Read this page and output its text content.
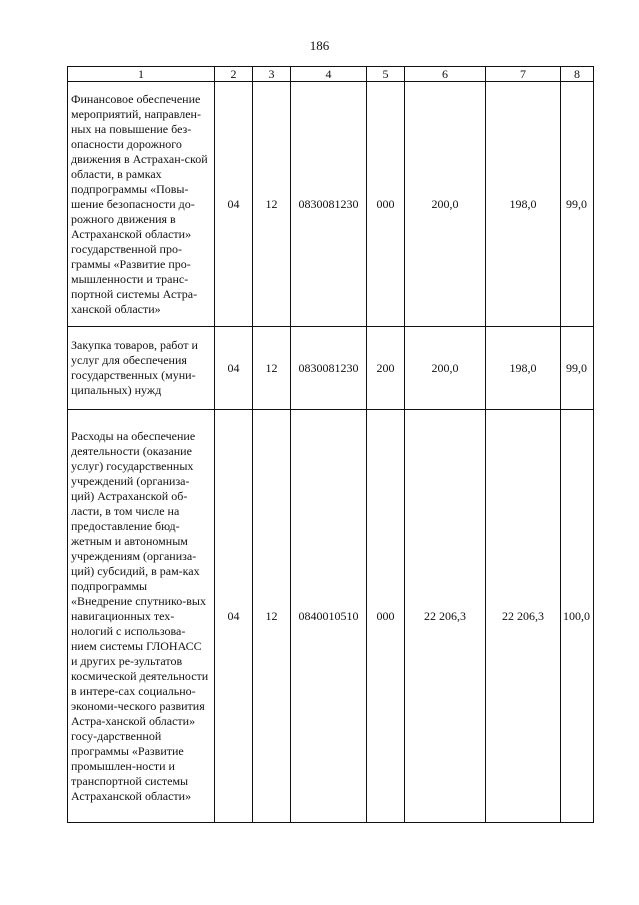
186
1	2	3	4	5	6	7	8
Финансовое обеспечение мероприятий, направлен-ных на повышение без-опасности дорожного движения в Астрахан-ской области, в рамках подпрограммы «Повы-шение безопасности до-рожного движения в Астраханской области» государственной про-граммы «Развитие про-мышленности и транс-портной системы Астра-ханской области»	04	12	0830081230	000	200,0	198,0	99,0
Закупка товаров, работ и услуг для обеспечения государственных (муни-ципальных) нужд	04	12	0830081230	200	200,0	198,0	99,0
Расходы на обеспечение деятельности (оказание услуг) государственных учреждений (организа-ций) Астраханской об-ласти, в том числе на предоставление бюд-жетным и автономным учреждениям (организа-ций) субсидий, в рам-ках подпрограммы «Внедрение спутнико-вых навигационных тех-нологий с использова-нием системы ГЛОНАСС и других ре-зультатов космической деятельности в интере-сах социально-экономи-ческого развития Астра-ханской области» госу-дарственной программы «Развитие промышлен-ности и транспортной системы Астраханской области»	04	12	0840010510	000	22 206,3	22 206,3	100,0
